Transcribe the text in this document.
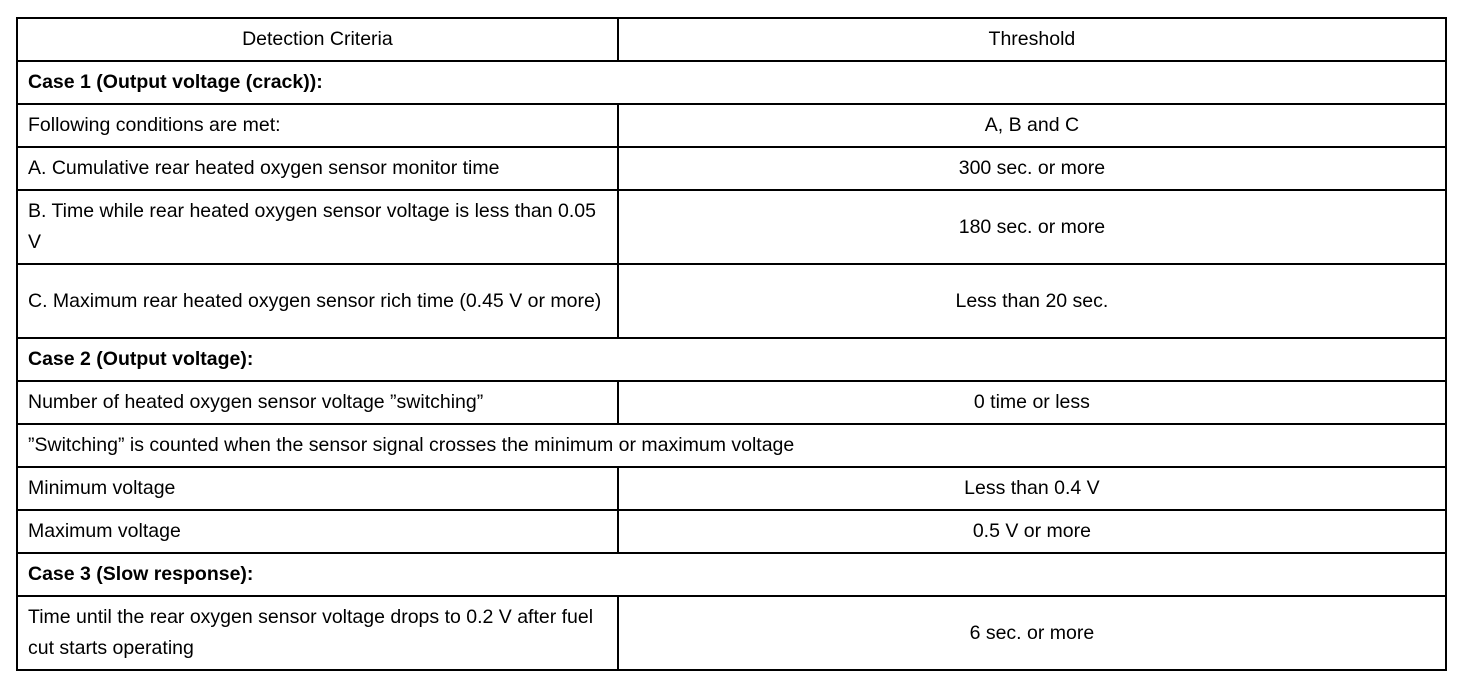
Detection Criteria	Threshold
Case 1 (Output voltage (crack)):	
Following conditions are met:	A, B and C
A. Cumulative rear heated oxygen sensor monitor time	300 sec. or more
B. Time while rear heated oxygen sensor voltage is less than 0.05 V	180 sec. or more
C. Maximum rear heated oxygen sensor rich time (0.45 V or more)	Less than 20 sec.
Case 2 (Output voltage):	
Number of heated oxygen sensor voltage ”switching”	0 time or less
”Switching” is counted when the sensor signal crosses the minimum or maximum voltage	
Minimum voltage	Less than 0.4 V
Maximum voltage	0.5 V or more
Case 3 (Slow response):	
Time until the rear oxygen sensor voltage drops to 0.2 V after fuel cut starts operating	6 sec. or more
